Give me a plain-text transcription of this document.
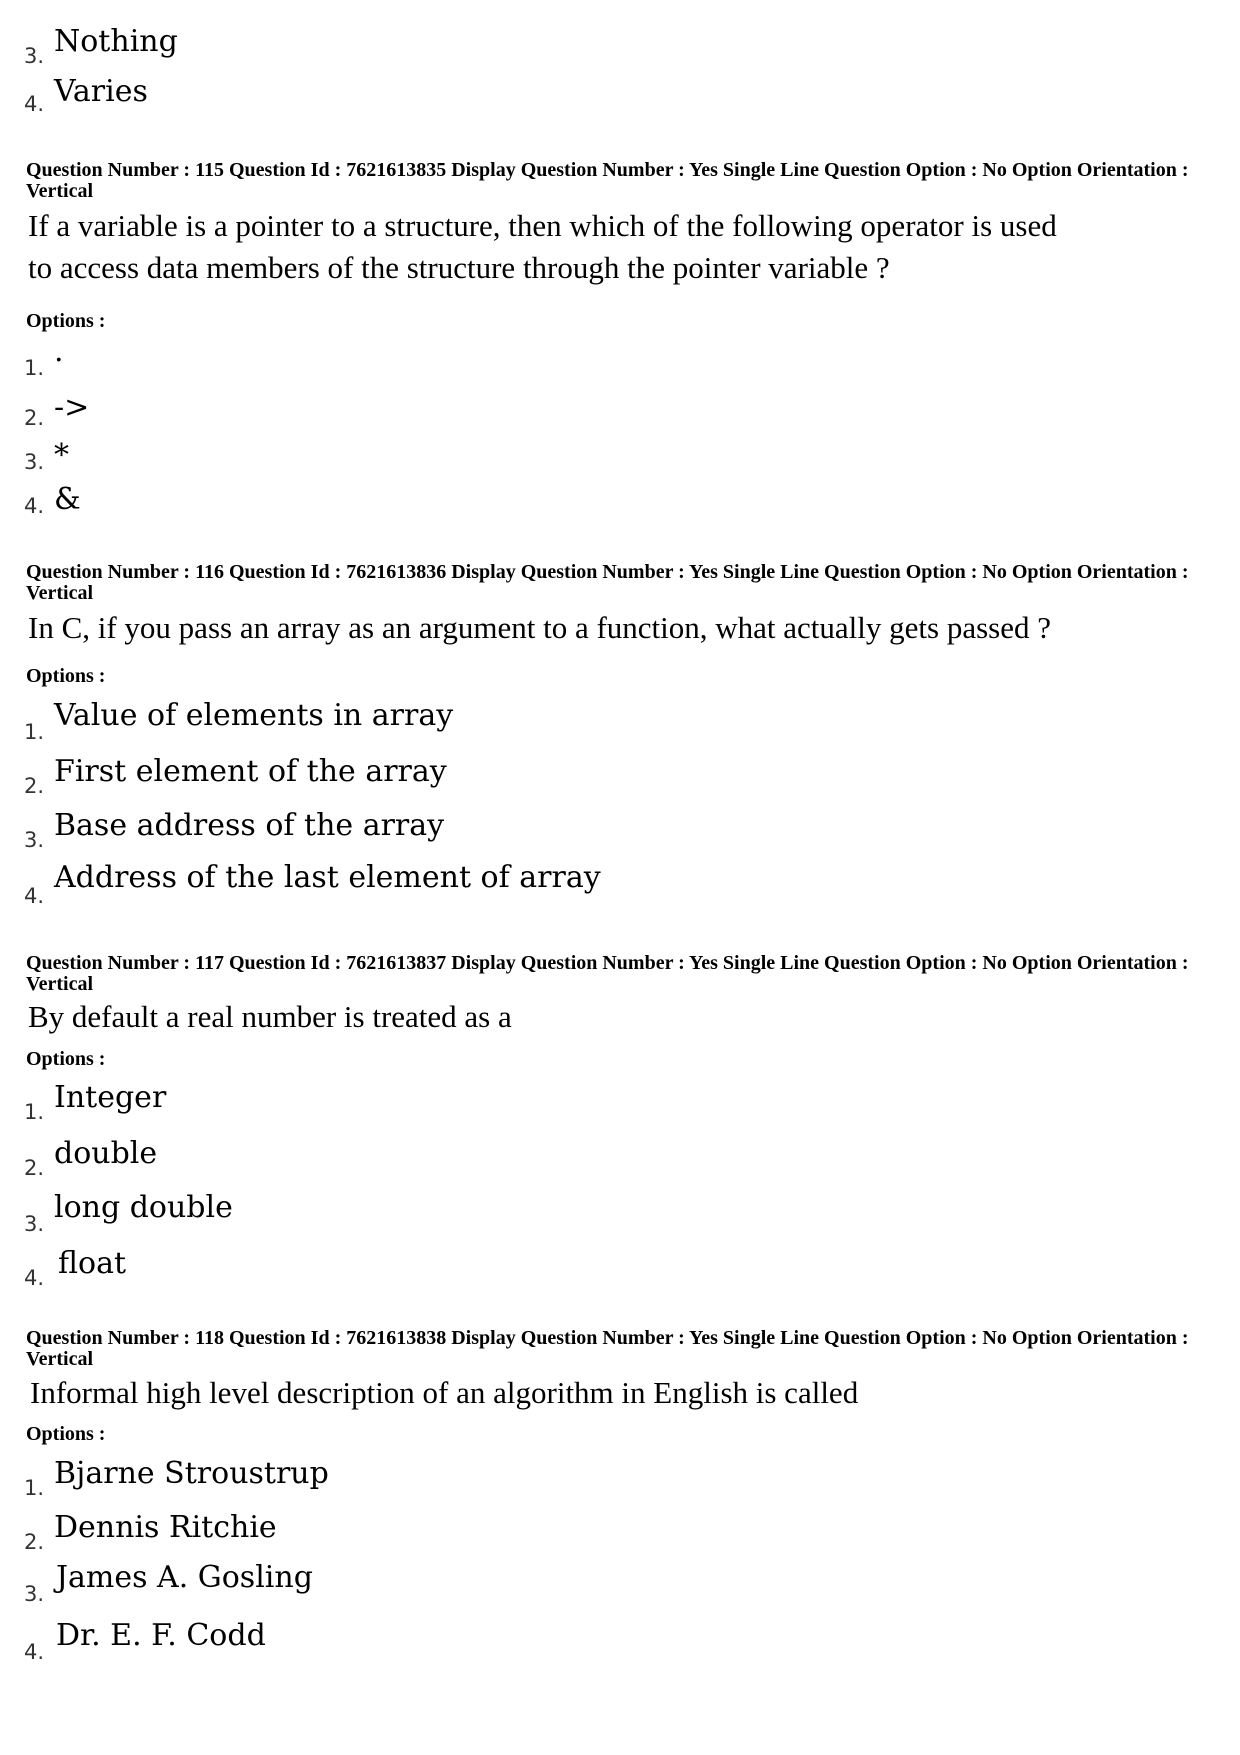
3. Nothing
4. Varies
Question Number : 115 Question Id : 7621613835 Display Question Number : Yes Single Line Question Option : No Option Orientation : Vertical
If a variable is a pointer to a structure, then which of the following operator is used
to access data members of the structure through the pointer variable ?
Options :
1. .
2. ->
3. *
4. &
Question Number : 116 Question Id : 7621613836 Display Question Number : Yes Single Line Question Option : No Option Orientation : Vertical
In C, if you pass an array as an argument to a function, what actually gets passed ?
Options :
1. Value of elements in array
2. First element of the array
3. Base address of the array
4.
Address of the last element of array
Question Number : 117 Question Id : 7621613837 Display Question Number : Yes Single Line Question Option : No Option Orientation : Vertical
By default a real number is treated as a
Options :
1. Integer
2. double
3. long double
4. float
Question Number : 118 Question Id : 7621613838 Display Question Number : Yes Single Line Question Option : No Option Orientation : Vertical
Informal high level description of an algorithm in English is called
Options :
1. Bjarne Stroustrup
2. Dennis Ritchie
3. James A. Gosling
4. Dr. E. F. Codd
